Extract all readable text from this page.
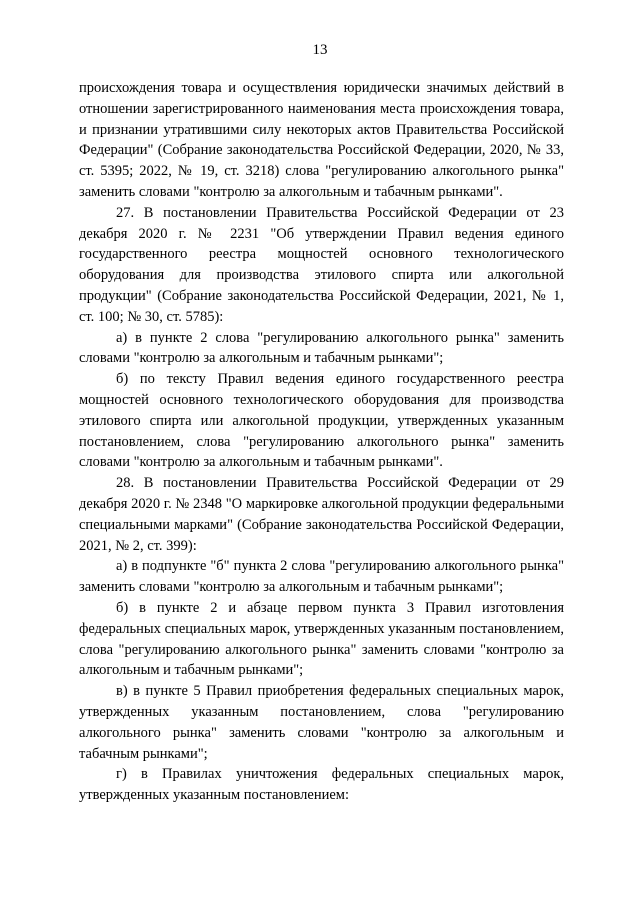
13

происхождения товара и осуществления юридически значимых действий в отношении зарегистрированного наименования места происхождения товара, и признании утратившими силу некоторых актов Правительства Российской Федерации" (Собрание законодательства Российской Федерации, 2020, № 33, ст. 5395; 2022, № 19, ст. 3218) слова "регулированию алкогольного рынка" заменить словами "контролю за алкогольным и табачным рынками".

27. В постановлении Правительства Российской Федерации от 23 декабря 2020 г. № 2231 "Об утверждении Правил ведения единого государственного реестра мощностей основного технологического оборудования для производства этилового спирта или алкогольной продукции" (Собрание законодательства Российской Федерации, 2021, № 1, ст. 100; № 30, ст. 5785):

а) в пункте 2 слова "регулированию алкогольного рынка" заменить словами "контролю за алкогольным и табачным рынками";

б) по тексту Правил ведения единого государственного реестра мощностей основного технологического оборудования для производства этилового спирта или алкогольной продукции, утвержденных указанным постановлением, слова "регулированию алкогольного рынка" заменить словами "контролю за алкогольным и табачным рынками".

28. В постановлении Правительства Российской Федерации от 29 декабря 2020 г. № 2348 "О маркировке алкогольной продукции федеральными специальными марками" (Собрание законодательства Российской Федерации, 2021, № 2, ст. 399):

а) в подпункте "б" пункта 2 слова "регулированию алкогольного рынка" заменить словами "контролю за алкогольным и табачным рынками";

б) в пункте 2 и абзаце первом пункта 3 Правил изготовления федеральных специальных марок, утвержденных указанным постановлением, слова "регулированию алкогольного рынка" заменить словами "контролю за алкогольным и табачным рынками";

в) в пункте 5 Правил приобретения федеральных специальных марок, утвержденных указанным постановлением, слова "регулированию алкогольного рынка" заменить словами "контролю за алкогольным и табачным рынками";

г) в Правилах уничтожения федеральных специальных марок, утвержденных указанным постановлением:
